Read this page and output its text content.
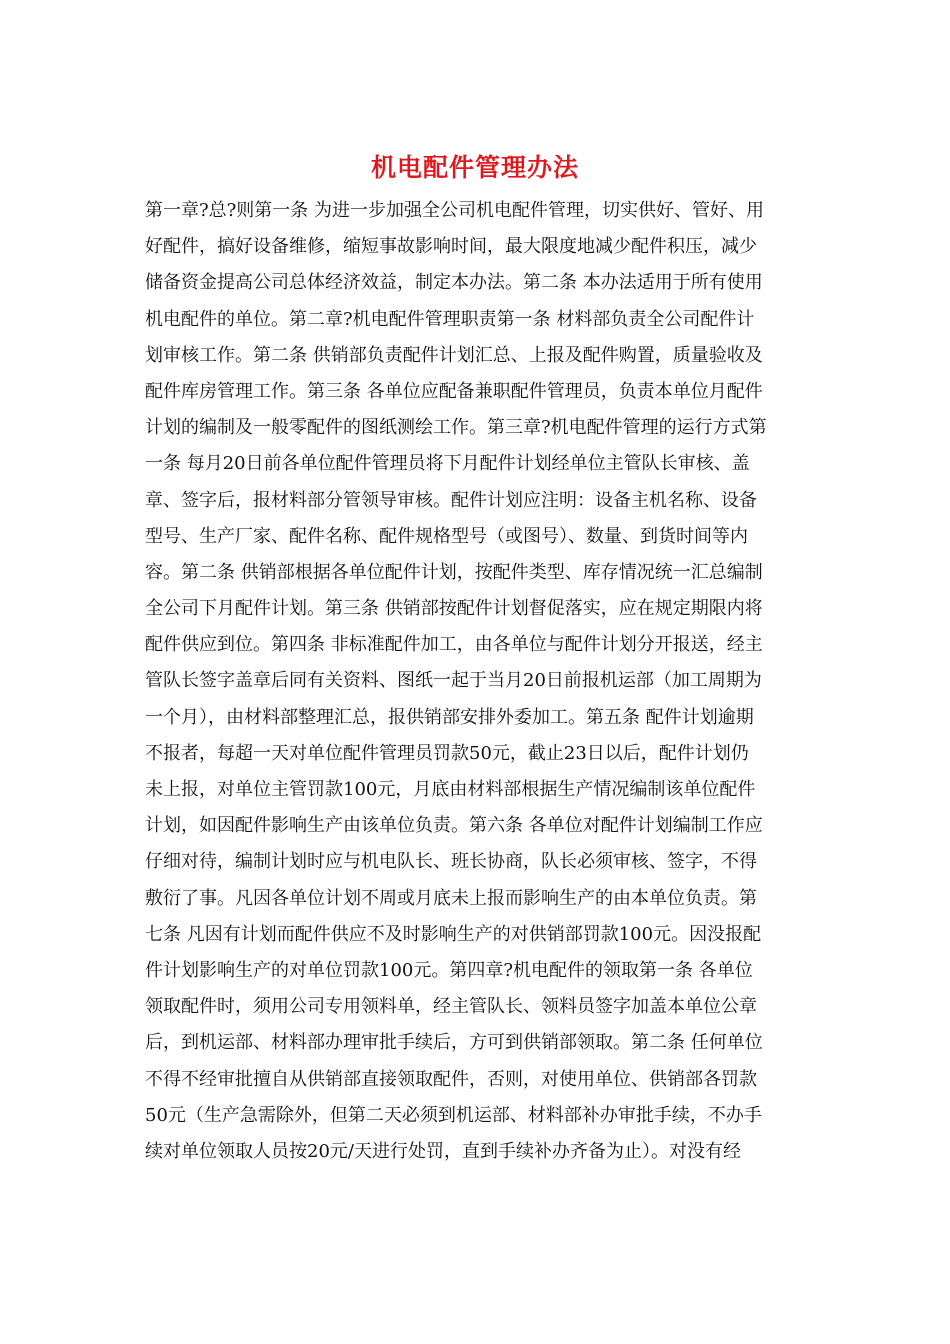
机电配件管理办法
第一章?总?则第一条 为进一步加强全公司机电配件管理，切实供好、管好、用
好配件，搞好设备维修，缩短事故影响时间，最大限度地减少配件积压，减少
储备资金提高公司总体经济效益，制定本办法。第二条 本办法适用于所有使用
机电配件的单位。第二章?机电配件管理职责第一条 材料部负责全公司配件计
划审核工作。第二条 供销部负责配件计划汇总、上报及配件购置，质量验收及
配件库房管理工作。第三条 各单位应配备兼职配件管理员，负责本单位月配件
计划的编制及一般零配件的图纸测绘工作。第三章?机电配件管理的运行方式第
一条 每月20日前各单位配件管理员将下月配件计划经单位主管队长审核、盖
章、签字后，报材料部分管领导审核。配件计划应注明：设备主机名称、设备
型号、生产厂家、配件名称、配件规格型号（或图号）、数量、到货时间等内
容。第二条 供销部根据各单位配件计划，按配件类型、库存情况统一汇总编制
全公司下月配件计划。第三条 供销部按配件计划督促落实，应在规定期限内将
配件供应到位。第四条 非标准配件加工，由各单位与配件计划分开报送，经主
管队长签字盖章后同有关资料、图纸一起于当月20日前报机运部（加工周期为
一个月），由材料部整理汇总，报供销部安排外委加工。第五条 配件计划逾期
不报者，每超一天对单位配件管理员罚款50元，截止23日以后，配件计划仍
未上报，对单位主管罚款100元，月底由材料部根据生产情况编制该单位配件
计划，如因配件影响生产由该单位负责。第六条 各单位对配件计划编制工作应
仔细对待，编制计划时应与机电队长、班长协商，队长必须审核、签字，不得
敷衍了事。凡因各单位计划不周或月底未上报而影响生产的由本单位负责。第
七条 凡因有计划而配件供应不及时影响生产的对供销部罚款100元。因没报配
件计划影响生产的对单位罚款100元。第四章?机电配件的领取第一条 各单位
领取配件时，须用公司专用领料单，经主管队长、领料员签字加盖本单位公章
后，到机运部、材料部办理审批手续后，方可到供销部领取。第二条 任何单位
不得不经审批擅自从供销部直接领取配件，否则，对使用单位、供销部各罚款
50元（生产急需除外，但第二天必须到机运部、材料部补办审批手续，不办手
续对单位领取人员按20元/天进行处罚，直到手续补办齐备为止）。对没有经
